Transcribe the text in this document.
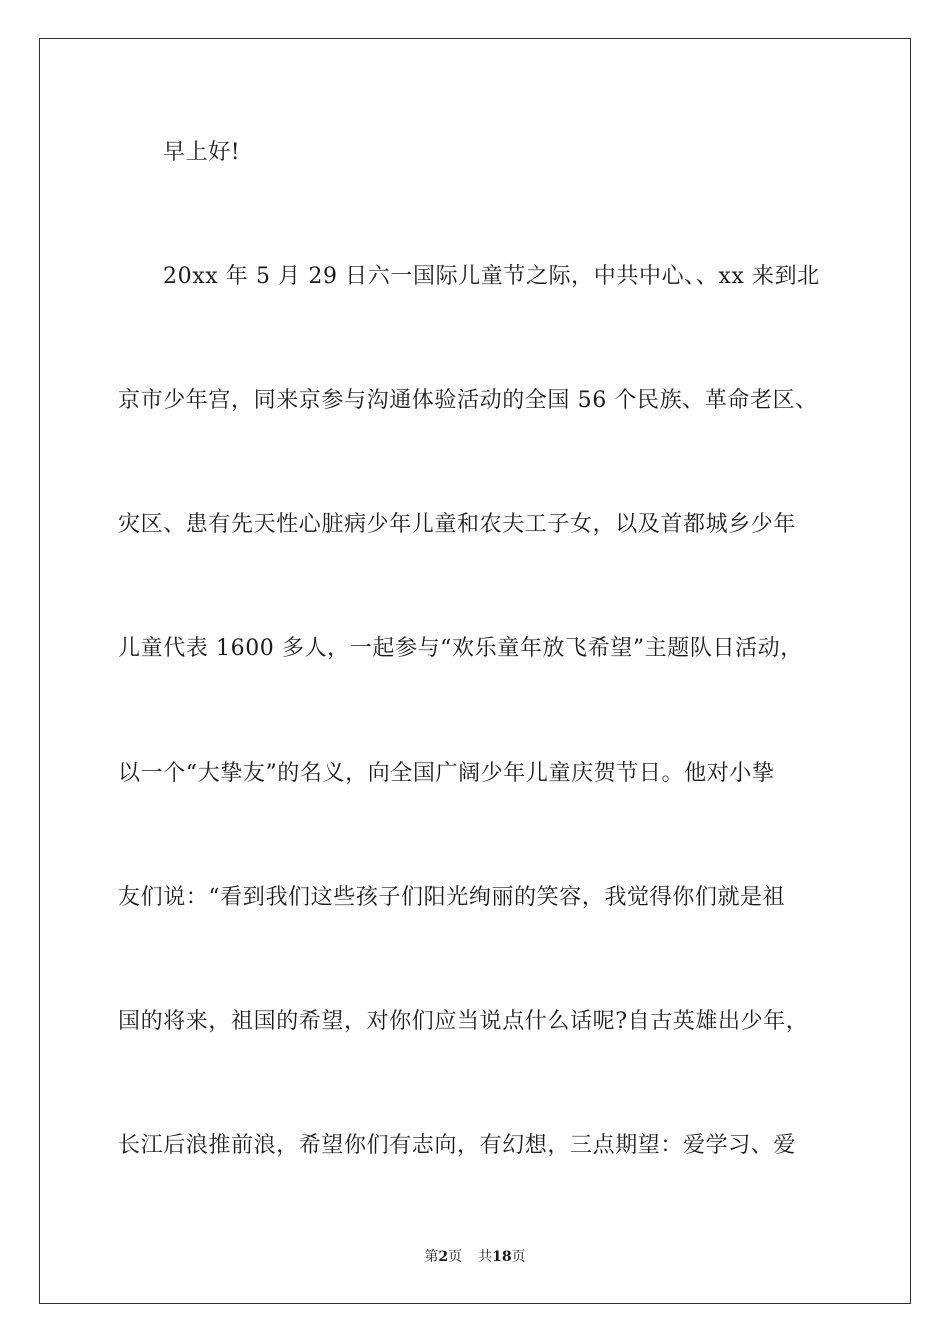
早上好!
20xx 年 5 月 29 日六一国际儿童节之际，中共中心、、xx 来到北
京市少年宫，同来京参与沟通体验活动的全国 56 个民族、革命老区、
灾区、患有先天性心脏病少年儿童和农夫工子女，以及首都城乡少年
儿童代表 1600 多人，一起参与“欢乐童年放飞希望”主题队日活动，
以一个“大挚友”的名义，向全国广阔少年儿童庆贺节日。他对小挚
友们说：“看到我们这些孩子们阳光绚丽的笑容，我觉得你们就是祖
国的将来，祖国的希望，对你们应当说点什么话呢?自古英雄出少年，
长江后浪推前浪，希望你们有志向，有幻想，三点期望：爱学习、爱
第2页 共18页
